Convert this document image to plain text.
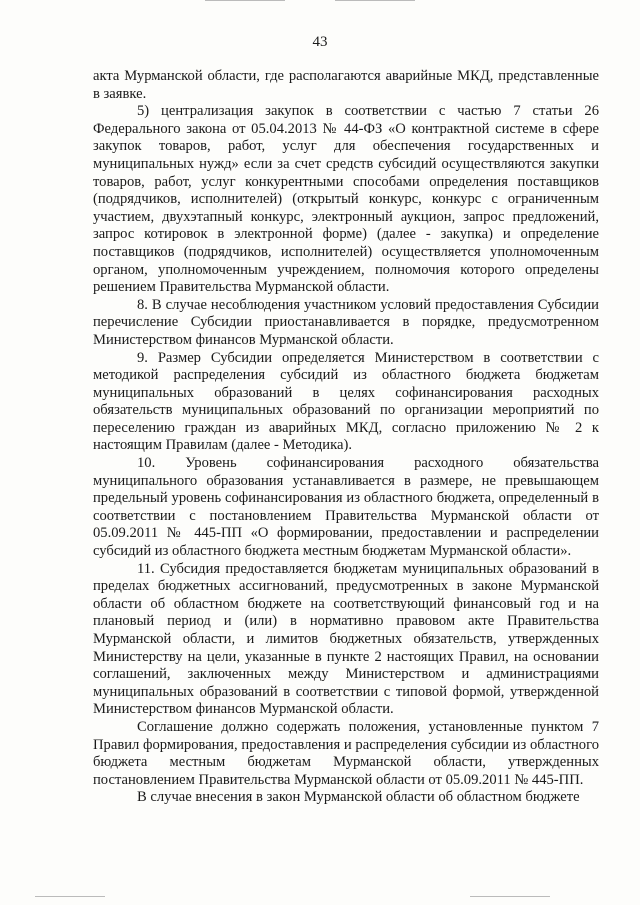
43

акта Мурманской области, где располагаются аварийные МКД, представленные в заявке.

5) централизация закупок в соответствии с частью 7 статьи 26 Федерального закона от 05.04.2013 № 44-ФЗ «О контрактной системе в сфере закупок товаров, работ, услуг для обеспечения государственных и муниципальных нужд» если за счет средств субсидий осуществляются закупки товаров, работ, услуг конкурентными способами определения поставщиков (подрядчиков, исполнителей) (открытый конкурс, конкурс с ограниченным участием, двухэтапный конкурс, электронный аукцион, запрос предложений, запрос котировок в электронной форме) (далее - закупка) и определение поставщиков (подрядчиков, исполнителей) осуществляется уполномоченным органом, уполномоченным учреждением, полномочия которого определены решением Правительства Мурманской области.

8. В случае несоблюдения участником условий предоставления Субсидии перечисление Субсидии приостанавливается в порядке, предусмотренном Министерством финансов Мурманской области.

9. Размер Субсидии определяется Министерством в соответствии с методикой распределения субсидий из областного бюджета бюджетам муниципальных образований в целях софинансирования расходных обязательств муниципальных образований по организации мероприятий по переселению граждан из аварийных МКД, согласно приложению № 2 к настоящим Правилам (далее - Методика).

10. Уровень софинансирования расходного обязательства муниципального образования устанавливается в размере, не превышающем предельный уровень софинансирования из областного бюджета, определенный в соответствии с постановлением Правительства Мурманской области от 05.09.2011 № 445-ПП «О формировании, предоставлении и распределении субсидий из областного бюджета местным бюджетам Мурманской области».

11. Субсидия предоставляется бюджетам муниципальных образований в пределах бюджетных ассигнований, предусмотренных в законе Мурманской области об областном бюджете на соответствующий финансовый год и на плановый период и (или) в нормативно правовом акте Правительства Мурманской области, и лимитов бюджетных обязательств, утвержденных Министерству на цели, указанные в пункте 2 настоящих Правил, на основании соглашений, заключенных между Министерством и администрациями муниципальных образований в соответствии с типовой формой, утвержденной Министерством финансов Мурманской области.

Соглашение должно содержать положения, установленные пунктом 7 Правил формирования, предоставления и распределения субсидии из областного бюджета местным бюджетам Мурманской области, утвержденных постановлением Правительства Мурманской области от 05.09.2011 № 445-ПП.

В случае внесения в закон Мурманской области об областном бюджете
